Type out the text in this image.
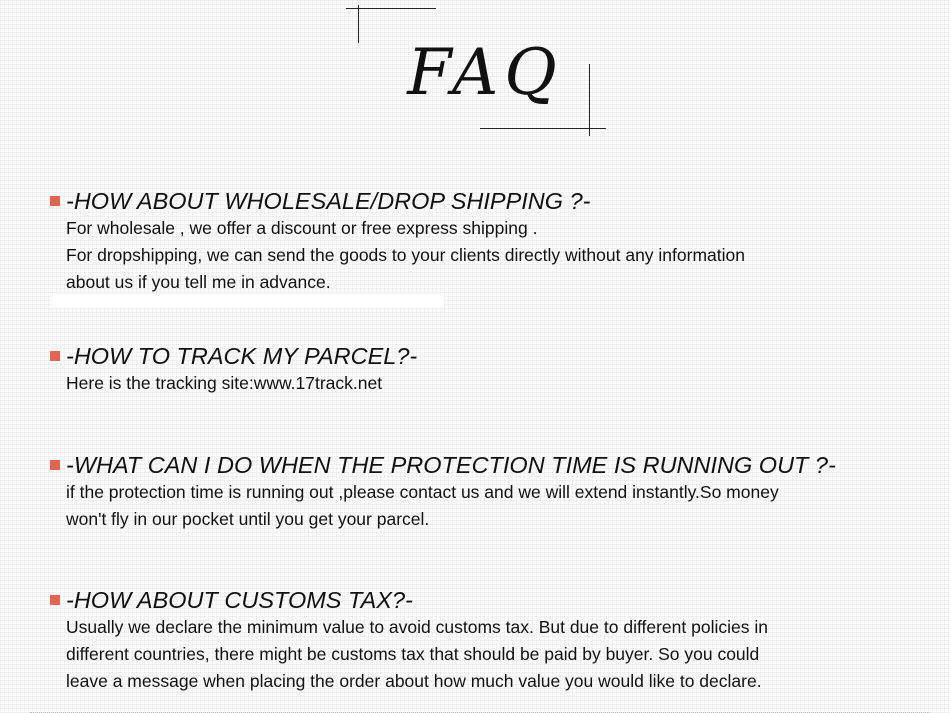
FAQ
-HOW ABOUT WHOLESALE/DROP SHIPPING ?-

For wholesale , we offer a discount or free express shipping .

For dropshipping, we can send the goods to your clients directly without any information

about us if you tell me in advance.

-HOW TO TRACK MY PARCEL?-

Here is the tracking site:www.17track.net

-WHAT CAN I DO WHEN THE PROTECTION TIME IS RUNNING OUT ?-

if the protection time is running out ,please contact us and we will extend instantly.So money

won't fly in our pocket until you get your parcel.

-HOW ABOUT CUSTOMS TAX?-

Usually we declare the minimum value to avoid customs tax. But due to different policies in

different countries, there might be customs tax that should be paid by buyer. So you could

leave a message when placing the order about how much value you would like to declare.
